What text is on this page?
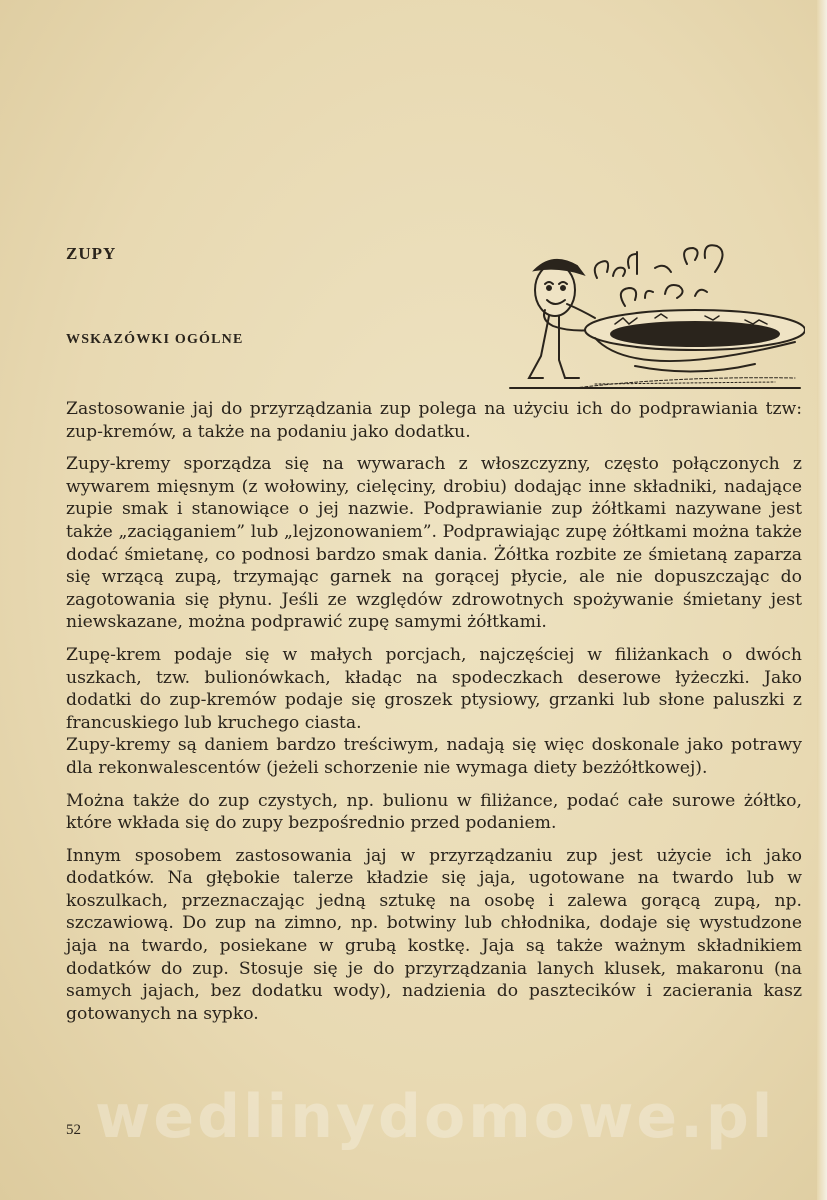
ZUPY
WSKAZÓWKI OGÓLNE

Zastosowanie jaj do przyrządzania zup polega na użyciu ich do podprawiania tzw: zup-kremów, a także na podaniu jako dodatku.

Zupy-kremy sporządza się na wywarach z włoszczyzny, często połączonych z wywarem mięsnym (z wołowiny, cielęciny, drobiu) dodając inne składniki, nadające zupie smak i stanowiące o jej nazwie. Podprawianie zup żółtkami nazywane jest także „zaciąganiem” lub „lejzonowaniem”. Podprawiając zupę żółtkami można także dodać śmietanę, co podnosi bardzo smak dania. Żółtka rozbite ze śmietaną zaparza się wrzącą zupą, trzymając garnek na gorącej płycie, ale nie dopuszczając do zagotowania się płynu. Jeśli ze względów zdrowotnych spożywanie śmietany jest niewskazane, można podprawić zupę samymi żółtkami.

Zupę-krem podaje się w małych porcjach, najczęściej w filiżankach o dwóch uszkach, tzw. bulionówkach, kładąc na spodeczkach deserowe łyżeczki. Jako dodatki do zup-kremów podaje się groszek ptysiowy, grzanki lub słone paluszki z francuskiego lub kruchego ciasta.

Zupy-kremy są daniem bardzo treściwym, nadają się więc doskonale jako potrawy dla rekonwalescentów (jeżeli schorzenie nie wymaga diety bezżółtkowej).

Można także do zup czystych, np. bulionu w filiżance, podać całe surowe żółtko, które wkłada się do zupy bezpośrednio przed podaniem.

Innym sposobem zastosowania jaj w przyrządzaniu zup jest użycie ich jako dodatków. Na głębokie talerze kładzie się jaja, ugotowane na twardo lub w koszulkach, przeznaczając jedną sztukę na osobę i zalewa gorącą zupą, np. szczawiową. Do zup na zimno, np. botwiny lub chłodnika, dodaje się wystudzone jaja na twardo, posiekane w grubą kostkę. Jaja są także ważnym składnikiem dodatków do zup. Stosuje się je do przyrządzania lanych klusek, makaronu (na samych jajach, bez dodatku wody), nadzienia do pasztecików i zacierania kasz gotowanych na sypko.

wedlinydomowe.pl
52
